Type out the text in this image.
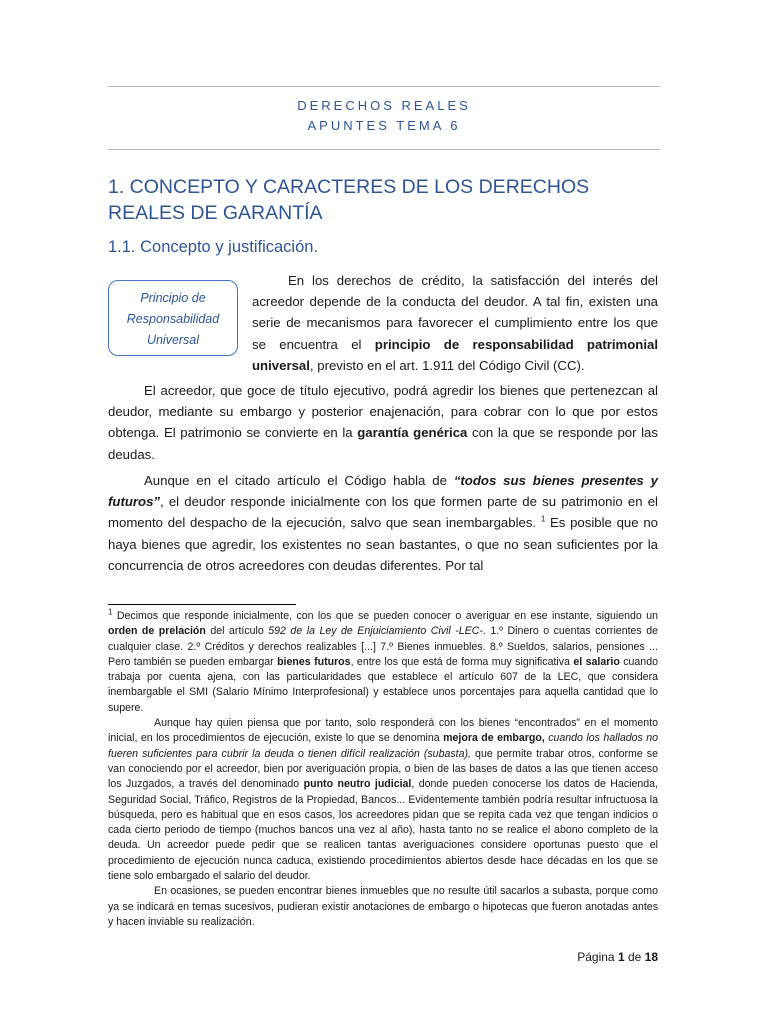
DERECHOS REALES
APUNTES TEMA 6
1. CONCEPTO Y CARACTERES DE LOS DERECHOS REALES DE GARANTÍA
1.1. Concepto y justificación.
Principio de
Responsabilidad
Universal

En los derechos de crédito, la satisfacción del interés del acreedor depende de la conducta del deudor. A tal fin, existen una serie de mecanismos para favorecer el cumplimiento entre los que se encuentra el principio de responsabilidad patrimonial universal, previsto en el art. 1.911 del Código Civil (CC).

El acreedor, que goce de título ejecutivo, podrá agredir los bienes que pertenezcan al deudor, mediante su embargo y posterior enajenación, para cobrar con lo que por estos obtenga. El patrimonio se convierte en la garantía genérica con la que se responde por las deudas.

Aunque en el citado artículo el Código habla de “todos sus bienes presentes y futuros”, el deudor responde inicialmente con los que formen parte de su patrimonio en el momento del despacho de la ejecución, salvo que sean inembargables. $^1$ Es posible que no haya bienes que agredir, los existentes no sean bastantes, o que no sean suficientes por la concurrencia de otros acreedores con deudas diferentes. Por tal

$^1$ Decimos que responde inicialmente, con los que se pueden conocer o averiguar en ese instante, siguiendo un orden de prelación del artículo 592 de la Ley de Enjuiciamiento Civil -LEC-. 1.º Dinero o cuentas corrientes de cualquier clase. 2.º Créditos y derechos realizables [...] 7.º Bienes inmuebles. 8.º Sueldos, salarios, pensiones ... Pero también se pueden embargar bienes futuros, entre los que está de forma muy significativa el salario cuando trabaja por cuenta ajena, con las particularidades que establece el artículo 607 de la LEC, que considera inembargable el SMI (Salario Mínimo Interprofesional) y establece unos porcentajes para aquella cantidad que lo supere.

Aunque hay quien piensa que por tanto, solo responderá con los bienes “encontrados” en el momento inicial, en los procedimientos de ejecución, existe lo que se denomina mejora de embargo, cuando los hallados no fueren suficientes para cubrir la deuda o tienen difícil realización (subasta), que permite trabar otros, conforme se van conociendo por el acreedor, bien por averiguación propia, o bien de las bases de datos a las que tienen acceso los Juzgados, a través del denominado punto neutro judicial, donde pueden conocerse los datos de Hacienda, Seguridad Social, Tráfico, Registros de la Propiedad, Bancos... Evidentemente también podría resultar infructuosa la búsqueda, pero es habitual que en esos casos, los acreedores pidan que se repita cada vez que tengan indicios o cada cierto periodo de tiempo (muchos bancos una vez al año), hasta tanto no se realice el abono completo de la deuda. Un acreedor puede pedir que se realicen tantas averiguaciones considere oportunas puesto que el procedimiento de ejecución nunca caduca, existiendo procedimientos abiertos desde hace décadas en los que se tiene solo embargado el salario del deudor.

En ocasiones, se pueden encontrar bienes inmuebles que no resulte útil sacarlos a subasta, porque como ya se indicará en temas sucesivos, pudieran existir anotaciones de embargo o hipotecas que fueron anotadas antes y hacen inviable su realización.

Página 1 de 18
